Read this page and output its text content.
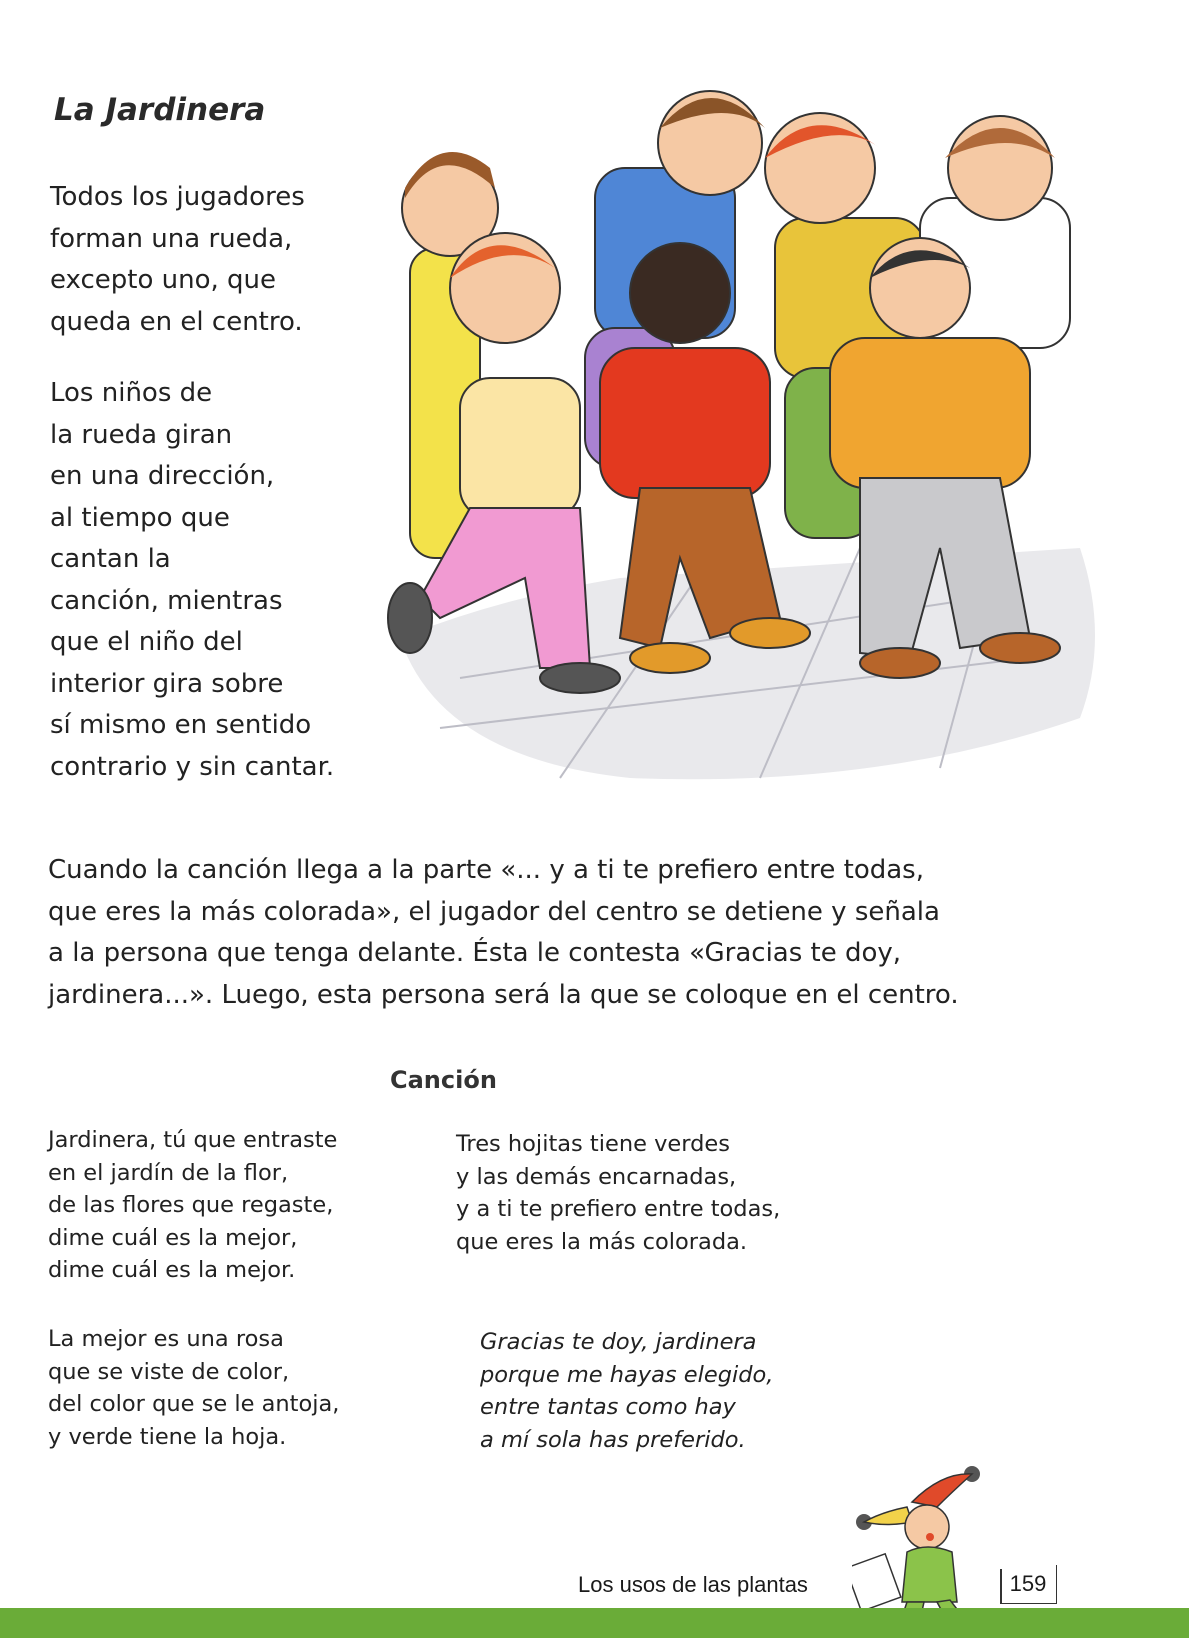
La Jardinera
Todos los jugadores
forman una rueda,
excepto uno, que
queda en el centro.
Los niños de
la rueda giran
en una dirección,
al tiempo que
cantan la
canción, mientras
que el niño del
interior gira sobre
sí mismo en sentido
contrario y sin cantar.
Cuando la canción llega a la parte «... y a ti te prefiero entre todas,
que eres la más colorada», el jugador del centro se detiene y señala
a la persona que tenga delante. Ésta le contesta «Gracias te doy,
jardinera...». Luego, esta persona será la que se coloque en el centro.
Canción
Jardinera, tú que entraste
en el jardín de la flor,
de las flores que regaste,
dime cuál es la mejor,
dime cuál es la mejor.
Tres hojitas tiene verdes
y las demás encarnadas,
y a ti te prefiero entre todas,
que eres la más colorada.
La mejor es una rosa
que se viste de color,
del color que se le antoja,
y verde tiene la hoja.
Gracias te doy, jardinera
porque me hayas elegido,
entre tantas como hay
a mí sola has preferido.
Los usos de las plantas	159
